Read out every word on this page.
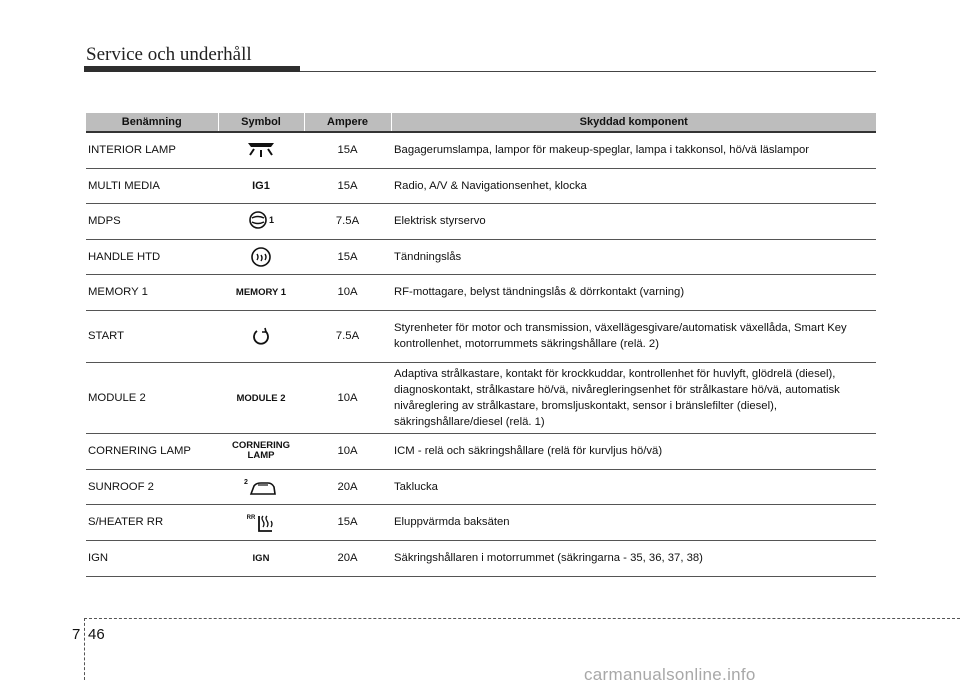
Service och underhåll
Benämning	Symbol	Ampere	Skyddad komponent
INTERIOR LAMP		15A	Bagagerumslampa, lampor för makeup-speglar, lampa i takkonsol, hö/vä läslampor
MULTI MEDIA	IG1	15A	Radio, A/V & Navigationsenhet, klocka
MDPS	1	7.5A	Elektrisk styrservo
HANDLE HTD		15A	Tändningslås
MEMORY 1	MEMORY 1	10A	RF-mottagare, belyst tändningslås & dörrkontakt (varning)
START		7.5A	Styrenheter för motor och transmission, växellägesgivare/automatisk växellåda, Smart Key kontrollenhet, motorrummets säkringshållare (relä. 2)
MODULE 2	MODULE 2	10A	Adaptiva strålkastare, kontakt för krockkuddar, kontrollenhet för huvlyft, glödrelä (diesel), diagnoskontakt, strålkastare hö/vä, nivåregleringsenhet för strålkastare hö/vä, automatisk nivåreglering av strålkastare, bromsljuskontakt, sensor i bränslefilter (diesel), säkringshållare/diesel (relä. 1)
CORNERING LAMP	CORNERING LAMP	10A	ICM - relä och säkringshållare (relä för kurvljus hö/vä)
SUNROOF 2	2	20A	Taklucka
S/HEATER RR	RR	15A	Eluppvärmda baksäten
IGN	IGN	20A	Säkringshållaren i motorrummet (säkringarna - 35, 36, 37, 38)
7 46
carmanualsonline.info
